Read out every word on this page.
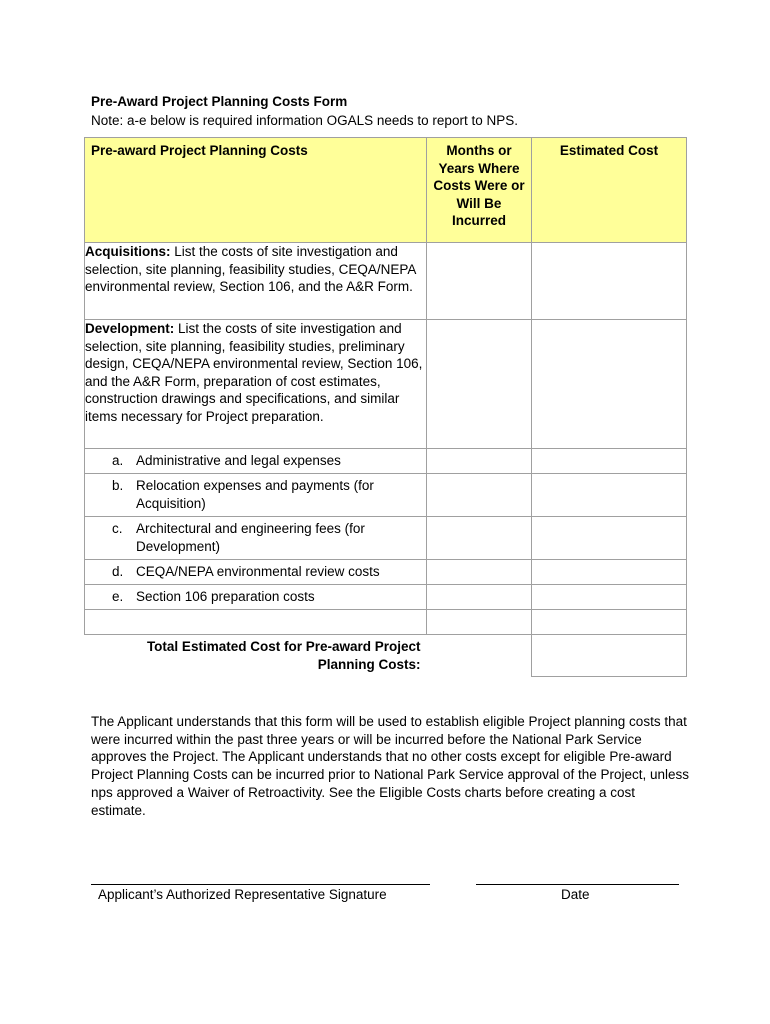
Pre-Award Project Planning Costs Form
Note: a-e below is required information OGALS needs to report to NPS.
Pre-award Project Planning Costs	Months or Years Where Costs Were or Will Be Incurred	Estimated Cost
Acquisitions: List the costs of site investigation and selection, site planning, feasibility studies, CEQA/NEPA environmental review, Section 106, and the A&R Form.		
Development: List the costs of site investigation and selection, site planning, feasibility studies, preliminary design, CEQA/NEPA environmental review, Section 106, and the A&R Form, preparation of cost estimates, construction drawings and specifications, and similar items necessary for Project preparation.		

a. Administrative and legal expenses		

b. Relocation expenses and payments (for Acquisition)		

c. Architectural and engineering fees (for Development)		

d. CEQA/NEPA environmental review costs		

e. Section 106 preparation costs		

Total Estimated Cost for Pre-award Project Planning Costs:		
The Applicant understands that this form will be used to establish eligible Project planning costs that were incurred within the past three years or will be incurred before the National Park Service approves the Project. The Applicant understands that no other costs except for eligible Pre-award Project Planning Costs can be incurred prior to National Park Service approval of the Project, unless nps approved a Waiver of Retroactivity. See the Eligible Costs charts before creating a cost estimate.
Applicant’s Authorized Representative Signature	Date
